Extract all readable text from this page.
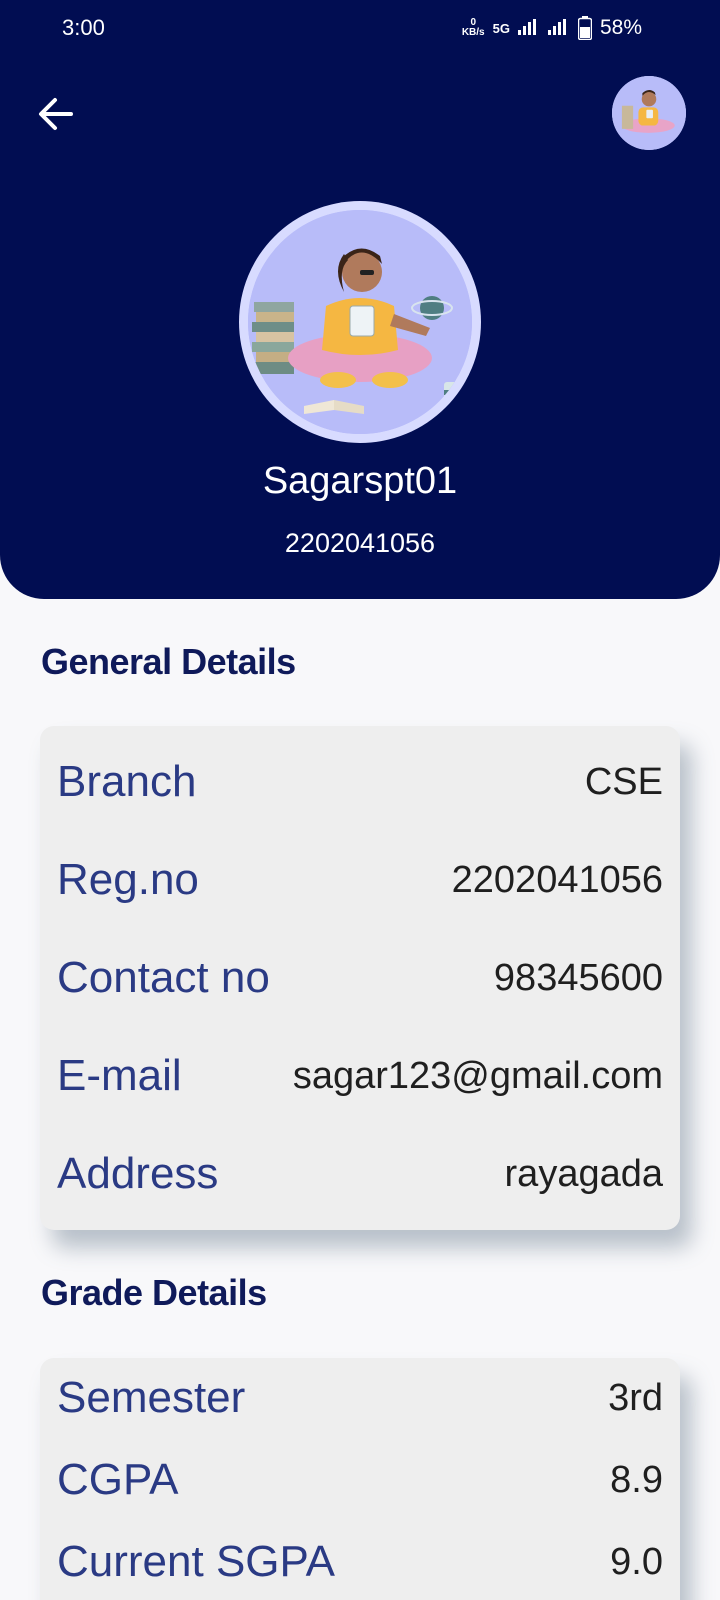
3:00	0
KB/s 5G	58%
Sagarspt01
2202041056
General Details
Branch	CSE
Reg.no	2202041056
Contact no	98345600
E-mail	sagar123@gmail.com
Address	rayagada
Grade Details
Semester	3rd
CGPA	8.9
Current SGPA	9.0
